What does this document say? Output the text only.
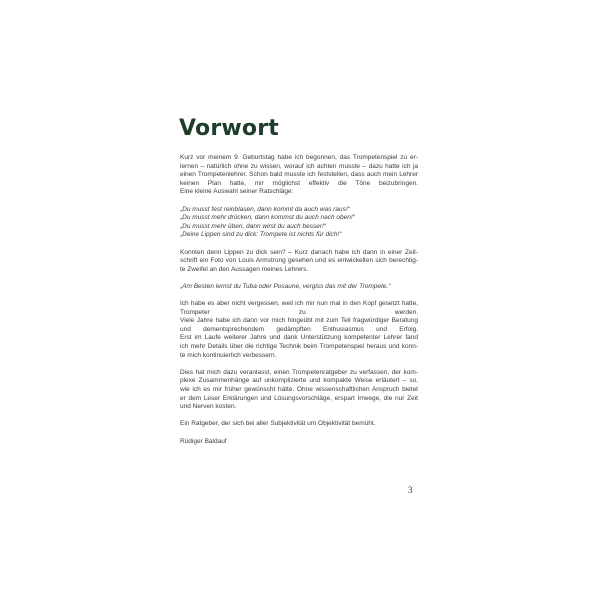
Vorwort
Kurz vor meinem 9. Geburtstag habe ich begonnen, das Trompetenspiel zu er-
lernen – natürlich ohne zu wissen, worauf ich achten musste – dazu hatte ich ja
einen Trompetenlehrer. Schon bald musste ich feststellen, dass auch mein Lehrer
keinen Plan hatte, mir möglichst effektiv die Töne beizubringen.
Eine kleine Auswahl seiner Ratschläge:
„Du musst fest reinblasen, dann kommt da auch was raus!“
„Du musst mehr drücken, dann kommst du auch nach oben!“
„Du musst mehr üben, dann wirst du auch besser!“
„Deine Lippen sind zu dick: Trompete ist nichts für dich!“
Konnten denn Lippen zu dick sein? – Kurz danach habe ich dann in einer Zeit-
schrift ein Foto von Louis Armstrong gesehen und es entwickelten sich berechtig-
te Zweifel an den Aussagen meines Lehrers.
„Am Besten lernst du Tuba oder Posaune, vergiss das mit der Trompete.“
Ich habe es aber nicht vergessen, weil ich mir nun mal in den Kopf gesetzt hatte,
Trompeter zu werden.
Viele Jahre habe ich dann vor mich hingeübt mit zum Teil fragwürdiger Beratung
und dementsprechendem gedämpften Enthusiasmus und Erfolg.
Erst im Laufe weiterer Jahre und dank Unterstützung kompetenter Lehrer fand
ich mehr Details über die richtige Technik beim Trompetenspiel heraus und konn-
te mich kontinuierlich verbessern.
Dies hat mich dazu veranlasst, einen Trompetenratgeber zu verfassen, der kom-
plexe Zusammenhänge auf unkomplizierte und kompakte Weise erläutert – so,
wie ich es mir früher gewünscht hätte. Ohne wissenschaftlichen Anspruch bietet
er dem Leser Erklärungen und Lösungsvorschläge, erspart Irrwege, die nur Zeit
und Nerven kosten.
Ein Ratgeber, der sich bei aller Subjektivität um Objektivität bemüht.
Rüdiger Baldauf
3
